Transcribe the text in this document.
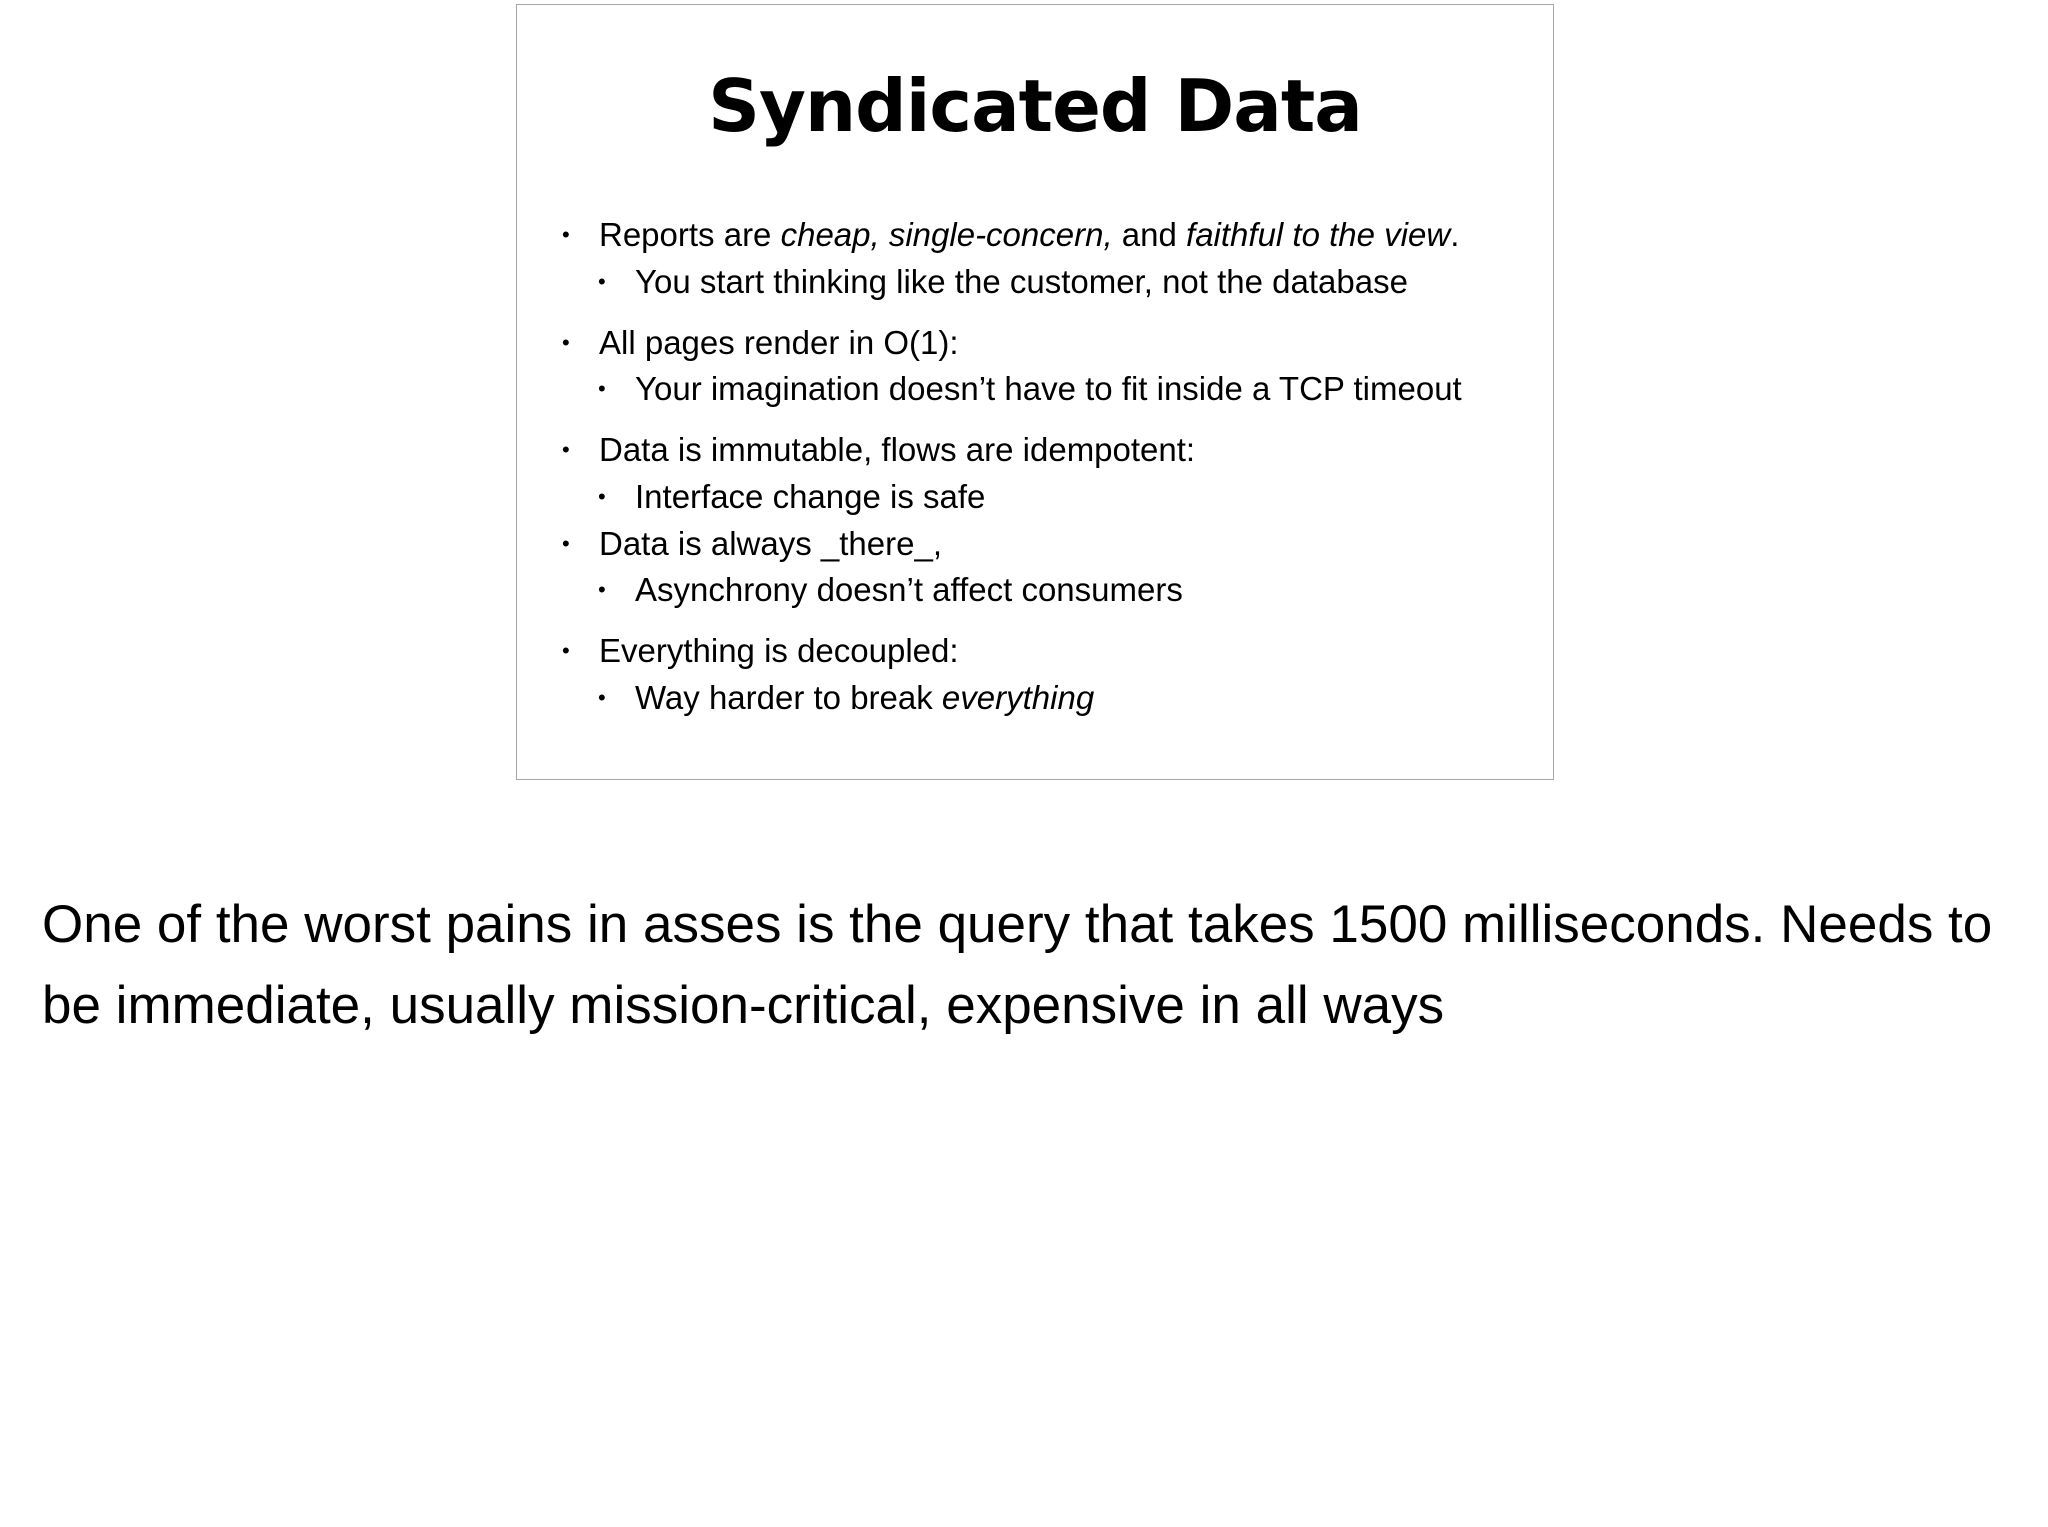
Syndicated Data
• Reports are cheap, single-concern, and faithful to the view.
• You start thinking like the customer, not the database
• All pages render in O(1):
• Your imagination doesn’t have to fit inside a TCP timeout
• Data is immutable, flows are idempotent:
• Interface change is safe
• Data is always _there_,
• Asynchrony doesn’t affect consumers
• Everything is decoupled:
• Way harder to break everything

One of the worst pains in asses is the query that takes 1500 milliseconds. Needs to be immediate, usually mission-critical, expensive in all ways
